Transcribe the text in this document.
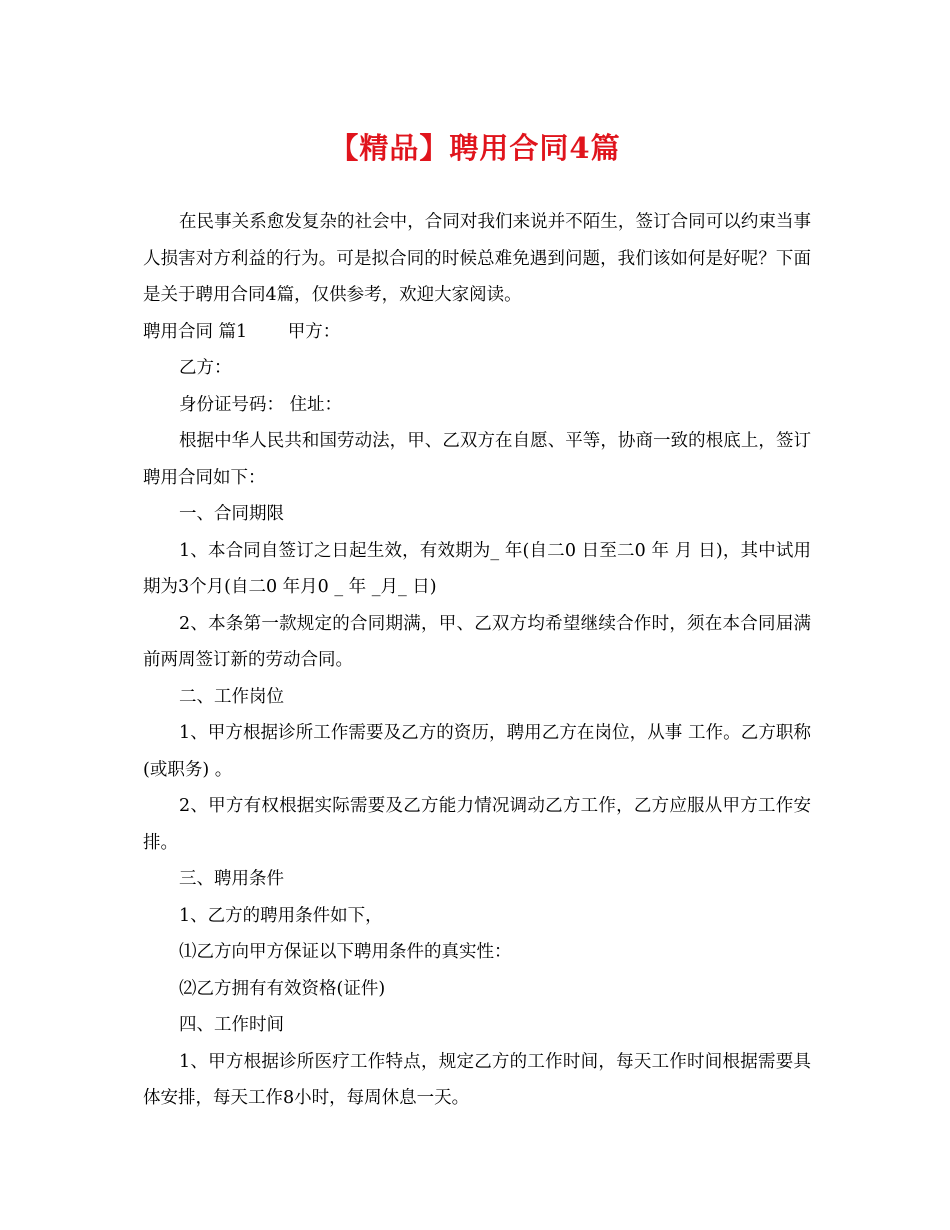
【精品】聘用合同4篇

在民事关系愈发复杂的社会中，合同对我们来说并不陌生，签订合同可以约束当事人损害对方利益的行为。可是拟合同的时候总难免遇到问题，我们该如何是好呢？下面是关于聘用合同4篇，仅供参考，欢迎大家阅读。

聘用合同 篇1　　 甲方：

乙方：

身份证号码： 住址：

根据中华人民共和国劳动法，甲、乙双方在自愿、平等，协商一致的根底上，签订聘用合同如下：

一、合同期限

1、本合同自签订之日起生效，有效期为_ 年(自二0 日至二0 年 月 日)，其中试用期为3个月(自二0 年月0 _ 年 _月_ 日)

2、本条第一款规定的合同期满，甲、乙双方均希望继续合作时，须在本合同届满前两周签订新的劳动合同。

二、工作岗位

1、甲方根据诊所工作需要及乙方的资历，聘用乙方在岗位，从事 工作。乙方职称(或职务) 。

2、甲方有权根据实际需要及乙方能力情况调动乙方工作，乙方应服从甲方工作安排。

三、聘用条件

1、乙方的聘用条件如下，

⑴乙方向甲方保证以下聘用条件的真实性：

⑵乙方拥有有效资格(证件)

四、工作时间

1、甲方根据诊所医疗工作特点，规定乙方的工作时间，每天工作时间根据需要具体安排，每天工作8小时，每周休息一天。
